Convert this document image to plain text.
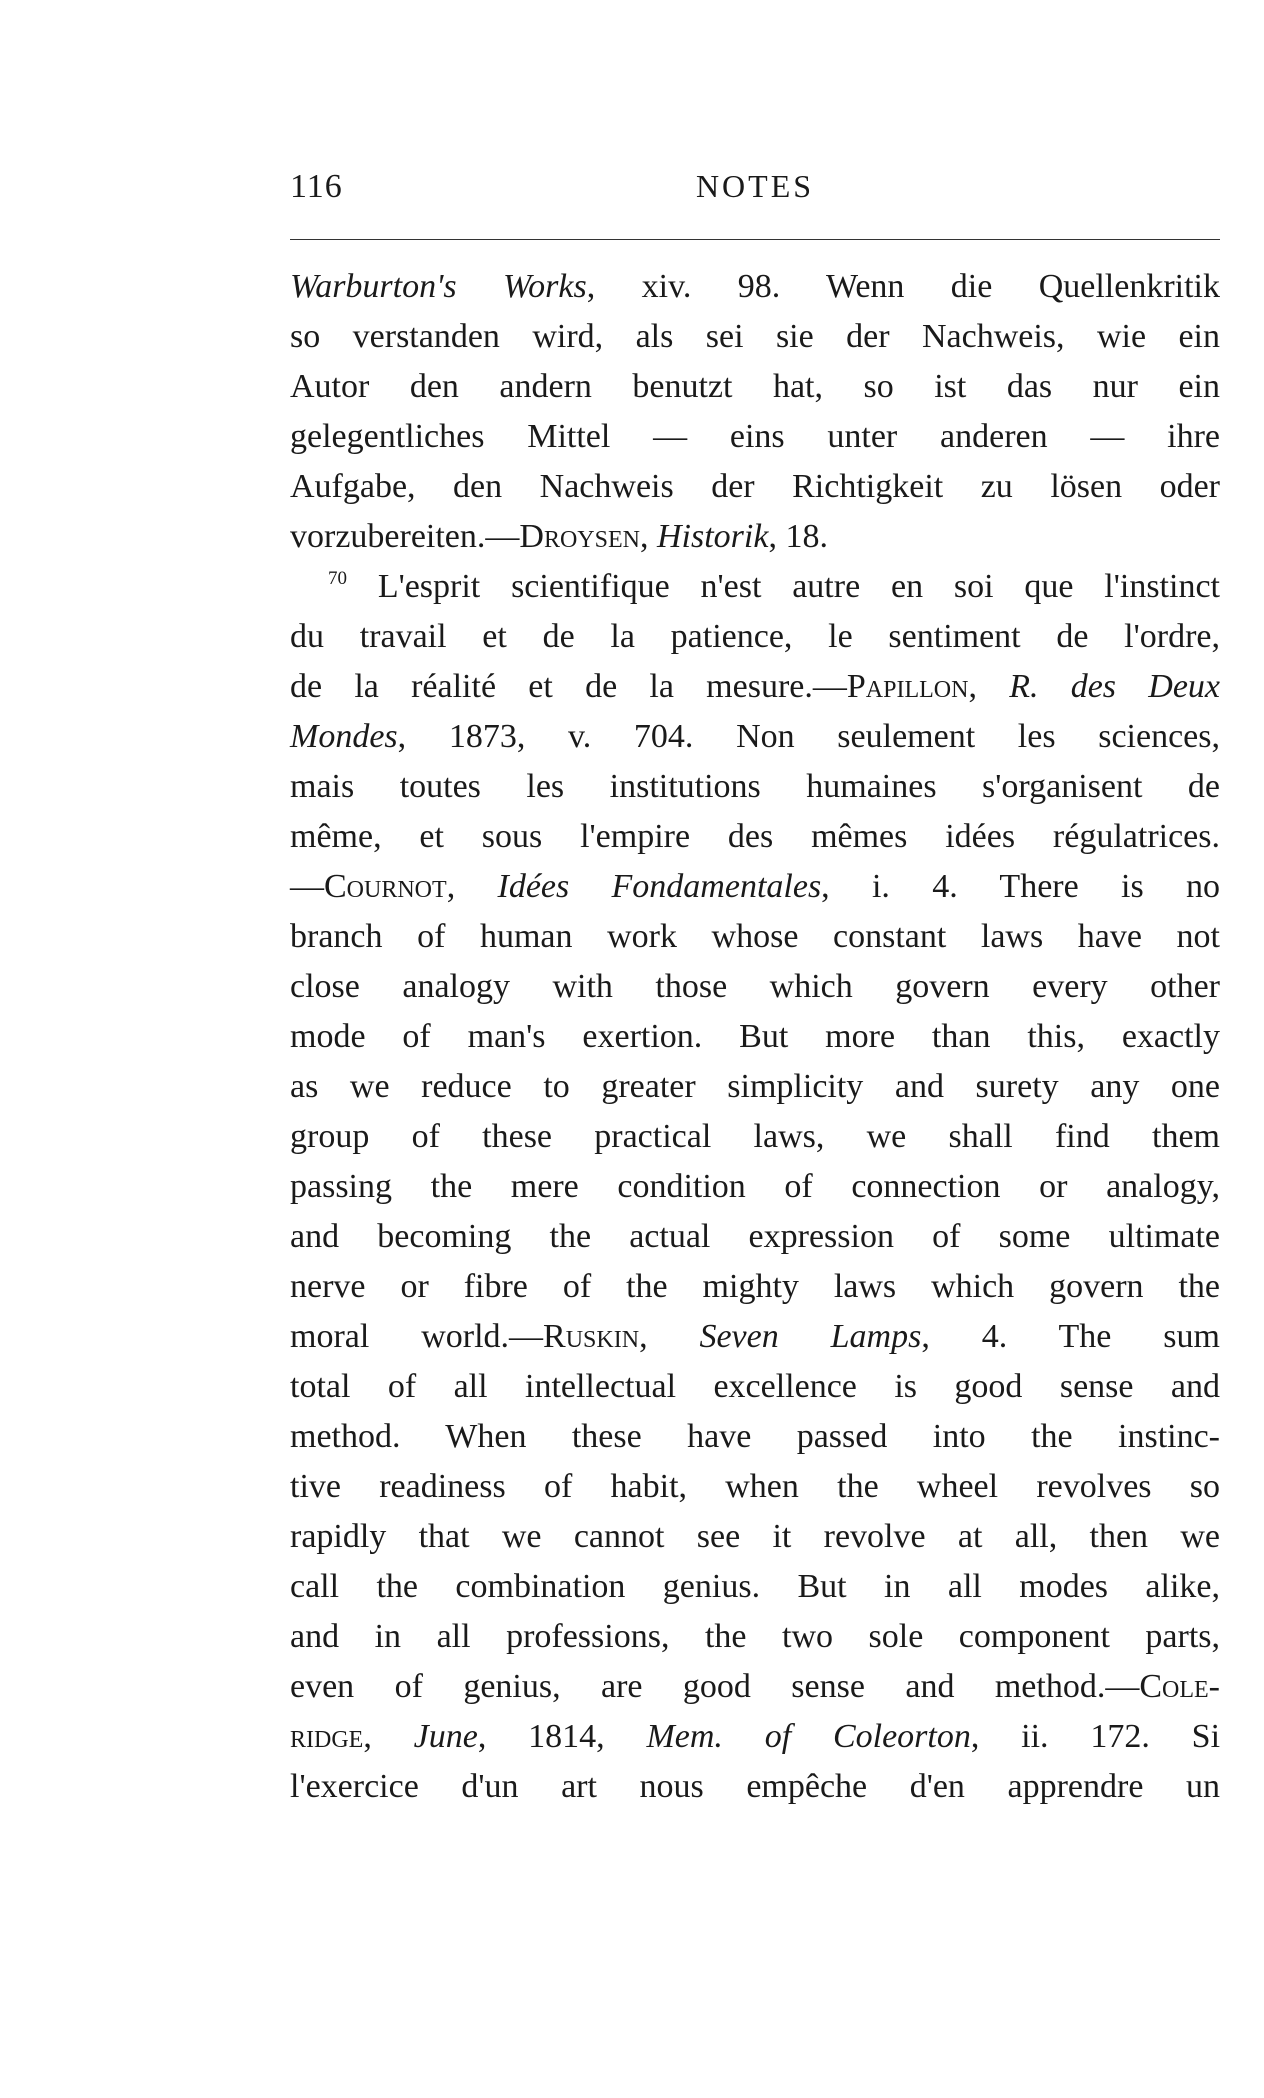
116	NOTES
Warburton's Works, xiv. 98. Wenn die Quellenkritik
so verstanden wird, als sei sie der Nachweis, wie ein
Autor den andern benutzt hat, so ist das nur ein
gelegentliches Mittel — eins unter anderen — ihre
Aufgabe, den Nachweis der Richtigkeit zu lösen oder
vorzubereiten.—Droysen, Historik, 18.
$^{70}$ L'esprit scientifique n'est autre en soi que l'instinct
du travail et de la patience, le sentiment de l'ordre,
de la réalité et de la mesure.—Papillon, R. des Deux
Mondes, 1873, v. 704. Non seulement les sciences,
mais toutes les institutions humaines s'organisent de
même, et sous l'empire des mêmes idées régulatrices.
—Cournot, Idées Fondamentales, i. 4. There is no
branch of human work whose constant laws have not
close analogy with those which govern every other
mode of man's exertion. But more than this, exactly
as we reduce to greater simplicity and surety any one
group of these practical laws, we shall find them
passing the mere condition of connection or analogy,
and becoming the actual expression of some ultimate
nerve or fibre of the mighty laws which govern the
moral world.—Ruskin, Seven Lamps, 4. The sum
total of all intellectual excellence is good sense and
method. When these have passed into the instinc-
tive readiness of habit, when the wheel revolves so
rapidly that we cannot see it revolve at all, then we
call the combination genius. But in all modes alike,
and in all professions, the two sole component parts,
even of genius, are good sense and method.—Cole-
ridge, June, 1814, Mem. of Coleorton, ii. 172. Si
l'exercice d'un art nous empêche d'en apprendre un
